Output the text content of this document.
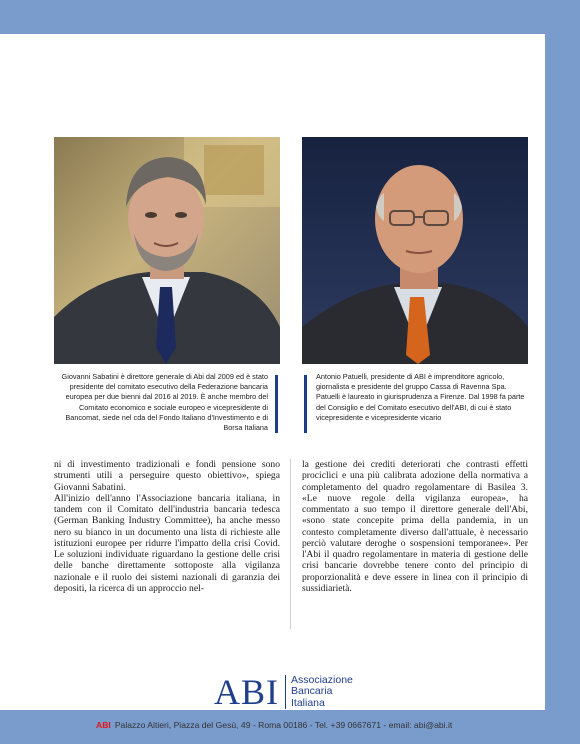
Giovanni Sabatini è direttore generale di Abi dal 2009 ed è stato presidente del comitato esecutivo della Federazione bancaria europea per due bienni dal 2016 al 2019. È anche membro del Comitato economico e sociale europeo e vicepresidente di Bancomat, siede nel cda del Fondo Italiano d'Investimento e di Borsa Italiana
Antonio Patuelli, presidente di ABI è imprenditore agricolo, giornalista e presidente del gruppo Cassa di Ravenna Spa. Patuelli è laureato in giurisprudenza a Firenze. Dal 1998 fa parte del Consiglio e del Comitato esecutivo dell'ABI, di cui è stato vicepresidente e vicepresidente vicario

ni di investimento tradizionali e fondi pensione sono strumenti utili a perseguire questo obiettivo», spiega Giovanni Sabatini.

All'inizio dell'anno l'Associazione bancaria italiana, in tandem con il Comitato dell'industria bancaria tedesca (German Banking Industry Committee), ha anche messo nero su bianco in un documento una lista di richieste alle istituzioni europee per ridurre l'impatto della crisi Covid. Le soluzioni individuate riguardano la gestione delle crisi delle banche direttamente sottoposte alla vigilanza nazionale e il ruolo dei sistemi nazionali di garanzia dei depositi, la ricerca di un approccio nel-

la gestione dei crediti deteriorati che contrasti effetti prociclici e una più calibrata adozione della normativa a completamento del quadro regolamentare di Basilea 3. «Le nuove regole della vigilanza europea», ha commentato a suo tempo il direttore generale dell'Abi, «sono state concepite prima della pandemia, in un contesto completamente diverso dall'attuale, è necessario perciò valutare deroghe o sospensioni temporanee». Per l'Abi il quadro regolamentare in materia di gestione delle crisi bancarie dovrebbe tenere conto del principio di proporzionalità e deve essere in linea con il principio di sussidiarietà.

ABI Associazione
Bancaria
Italiana
ABI Palazzo Altieri, Piazza del Gesù, 49 - Roma 00186 - Tel. +39 0667671 - email: abi@abi.it
